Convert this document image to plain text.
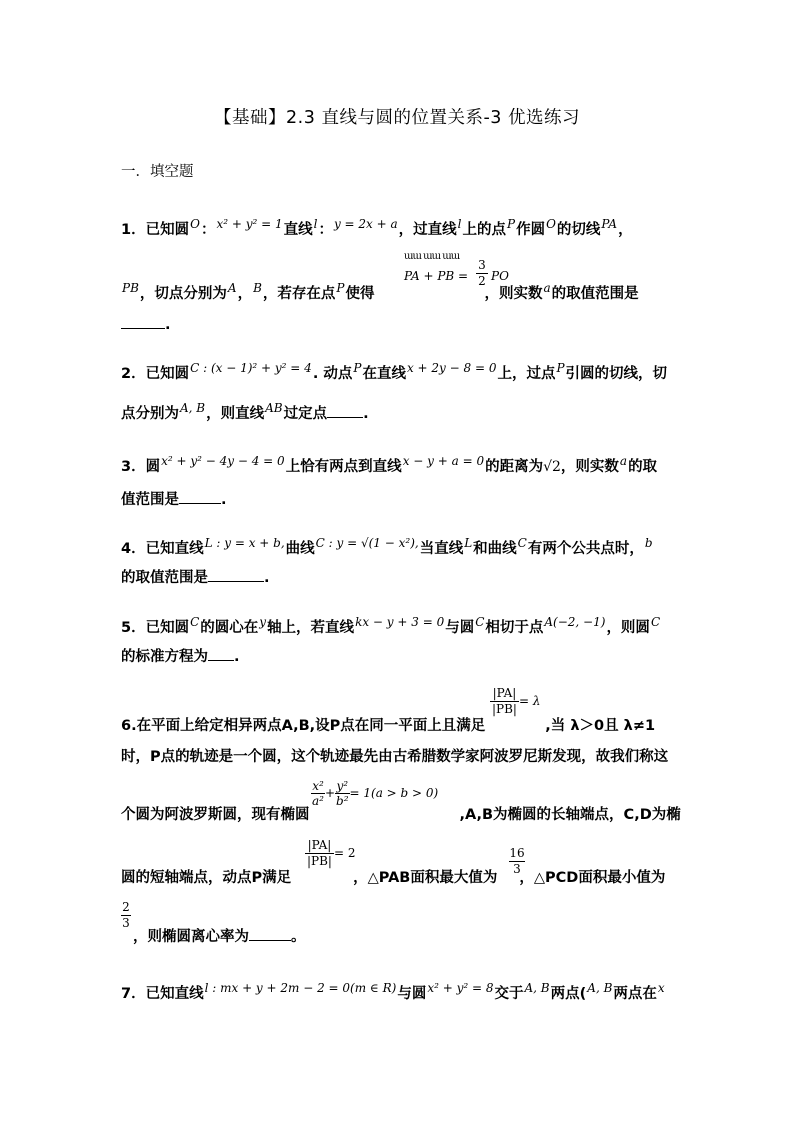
【基础】2.3 直线与圆的位置关系-3 优选练习
一．填空题
1．已知圆$^O$：$^{x^2 + y^2 = 1}$直线$^l$：$^{y = 2x + a}$，过直线$^l$上的点$^P$作圆$^O$的切线$^{PA}$，
ɯɯ ɯɯ ɯɯ
PA + PB =
3
2 PO
$^{PB}$，切点分别为$^A$，$^B$，若存在点$^P$使得	，则实数$^a$的取值范围是
.
2．已知圆$^{C : (x - 1)^2 + y^2 = 4}$. 动点$^P$在直线$^{x + 2y - 8 = 0}$上，过点$^P$引圆的切线，切
点分别为$^{A, B}$，则直线$^{AB}$过定点 .
3．圆$^{x^2 + y^2 - 4y - 4 = 0}$上恰有两点到直线$^{x - y + a = 0}$的距离为√2，则实数$^a$的取
值范围是	.
4．已知直线$^{L : y = x + b,}$曲线$^{C : y = √(1 - x^2),}$当直线$^L$和曲线$^C$有两个公共点时，$^b$
的取值范围是	.
5．已知圆$^C$的圆心在$^y$轴上，若直线$^{kx - y + 3 = 0}$与圆$^C$相切于点$^{A(-2, -1)}$，则圆$^C$
的标准方程为 .
$\frac{|PA|}{|PB|} = \lambda$
6.在平面上给定相异两点A,B,设P点在同一平面上且满足	,当 λ＞0且 λ≠1
时，P点的轨迹是一个圆，这个轨迹最先由古希腊数学家阿波罗尼斯发现，故我们称这
$\frac{\text{x²}}{\text{a²}} + \frac{\text{y²}}{\text{b²}} = 1(a > b > 0)$
个圆为阿波罗斯圆，现有椭圆	,A,B为椭圆的长轴端点，C,D为椭
$\frac{|PA|}{|PB|} = 2$	16
3
圆的短轴端点，动点P满足	，△PAB面积最大值为 ，△PCD面积最小值为
2
3
，则椭圆离心率为	。
7．已知直线$^{l : mx + y + 2m - 2 = 0(m \in R)}$与圆$^{x^2 + y^2 = 8}$交于$^{A, B}$两点($^{A, B}$两点在$^x$
